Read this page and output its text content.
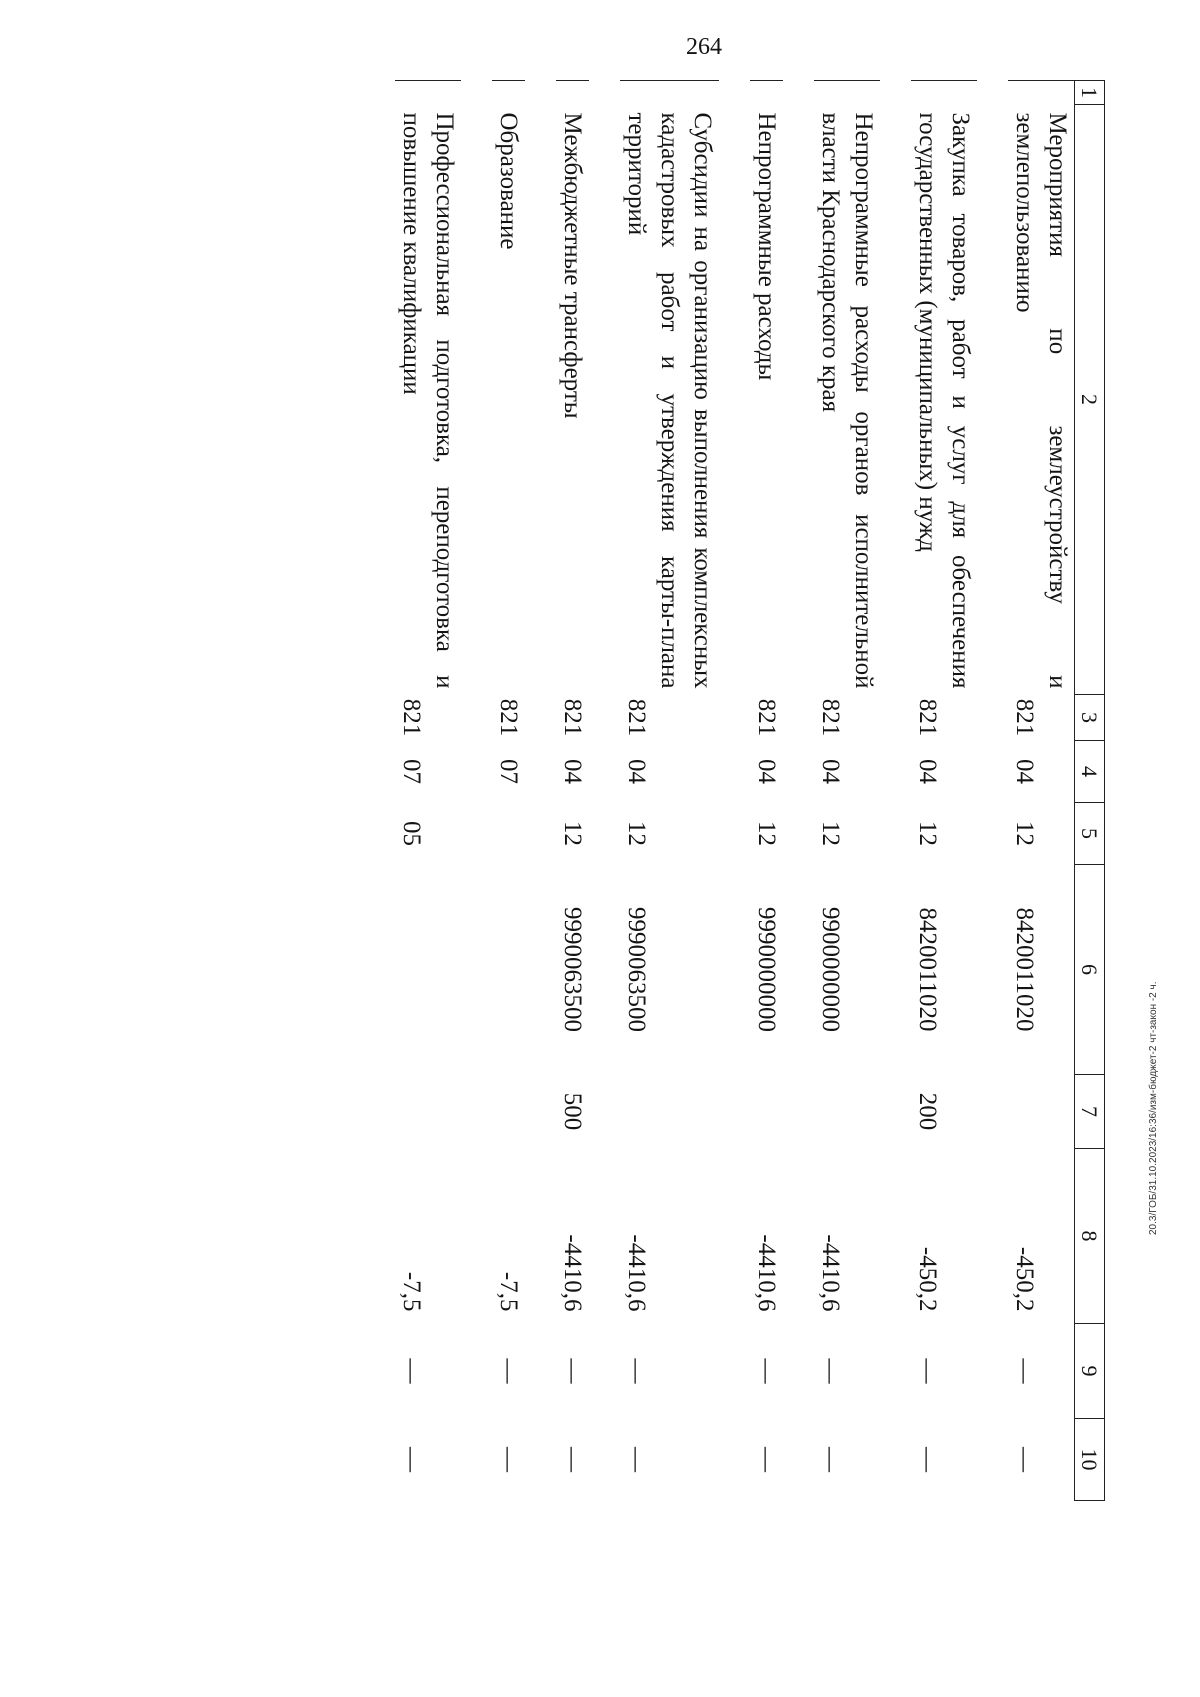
264
20.3/ГОБ/31.10.2023/16:36/изм-бюджет-2 чт-закон -2 ч.
1	2	3	4	5	6	7	8	9	10
	Мероприятия по землеустройству и землепользованию	821	04	12	8420011020		-450,2	—	—

	Закупка товаров, работ и услуг для обеспечения государственных (муниципальных) нужд	821	04	12	8420011020	200	-450,2	—	—

	Непрограммные расходы органов исполнительной власти Краснодарского края	821	04	12	9900000000		-4410,6	—	—

	Непрограммные расходы	821	04	12	9990000000		-4410,6	—	—

	Субсидии на организацию выполнения комплексных кадастровых работ и утверждения карты-плана территорий	821	04	12	9990063500		-4410,6	—	—

	Межбюджетные трансферты	821	04	12	9990063500	500	-4410,6	—	—

	Образование	821	07				-7,5	—	—

	Профессиональная подготовка, переподготовка и повышение квалификации	821	07	05			-7,5	—	—
